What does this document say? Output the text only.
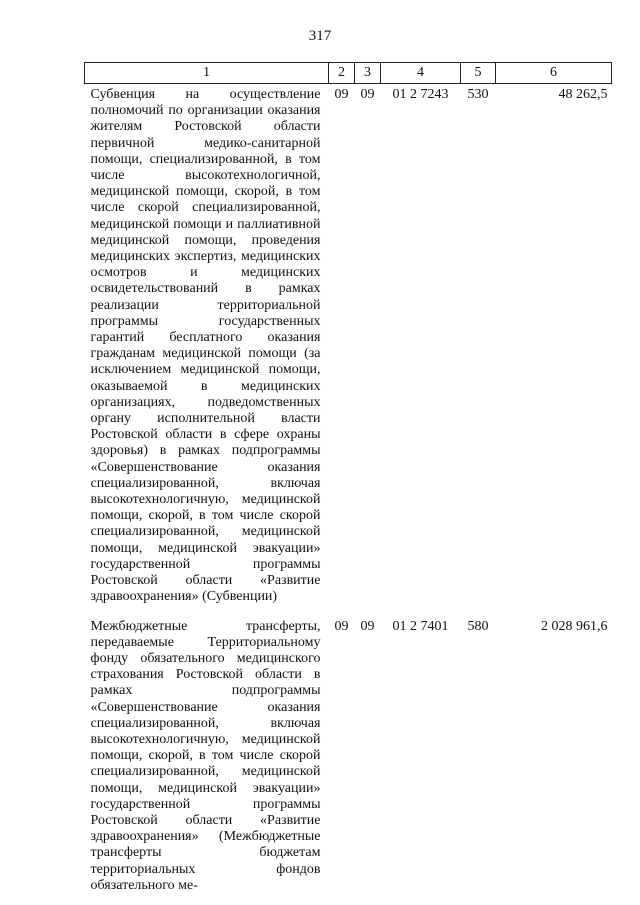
317
1	2	3	4	5	6
Субвенция на осуществление полномочий по организации оказания жителям Ростовской области первичной медико-санитарной помощи, специализированной, в том числе высокотехнологичной, медицинской помощи, скорой, в том числе скорой специализированной, медицинской помощи и паллиативной медицинской помощи, проведения медицинских экспертиз, медицинских осмотров и медицинских освидетельствований в рамках реализации территориальной программы государственных гарантий бесплатного оказания гражданам медицинской помощи (за исключением медицинской помощи, оказываемой в медицинских организациях, подведомственных органу исполнительной власти Ростовской области в сфере охраны здоровья) в рамках подпрограммы «Совершенствование оказания специализированной, включая высокотехнологичную, медицинской помощи, скорой, в том числе скорой специализированной, медицинской помощи, медицинской эвакуации» государственной программы Ростовской области «Развитие здравоохранения» (Субвенции)	09	09	01 2 7243	530	48 262,5
Межбюджетные трансферты, передаваемые Территориальному фонду обязательного медицинского страхования Ростовской области в рамках подпрограммы «Совершенствование оказания специализированной, включая высокотехнологичную, медицинской помощи, скорой, в том числе скорой специализированной, медицинской помощи, медицинской эвакуации» государственной программы Ростовской области «Развитие здравоохранения» (Межбюджетные трансферты бюджетам территориальных фондов обязательного ме-	09	09	01 2 7401	580	2 028 961,6
